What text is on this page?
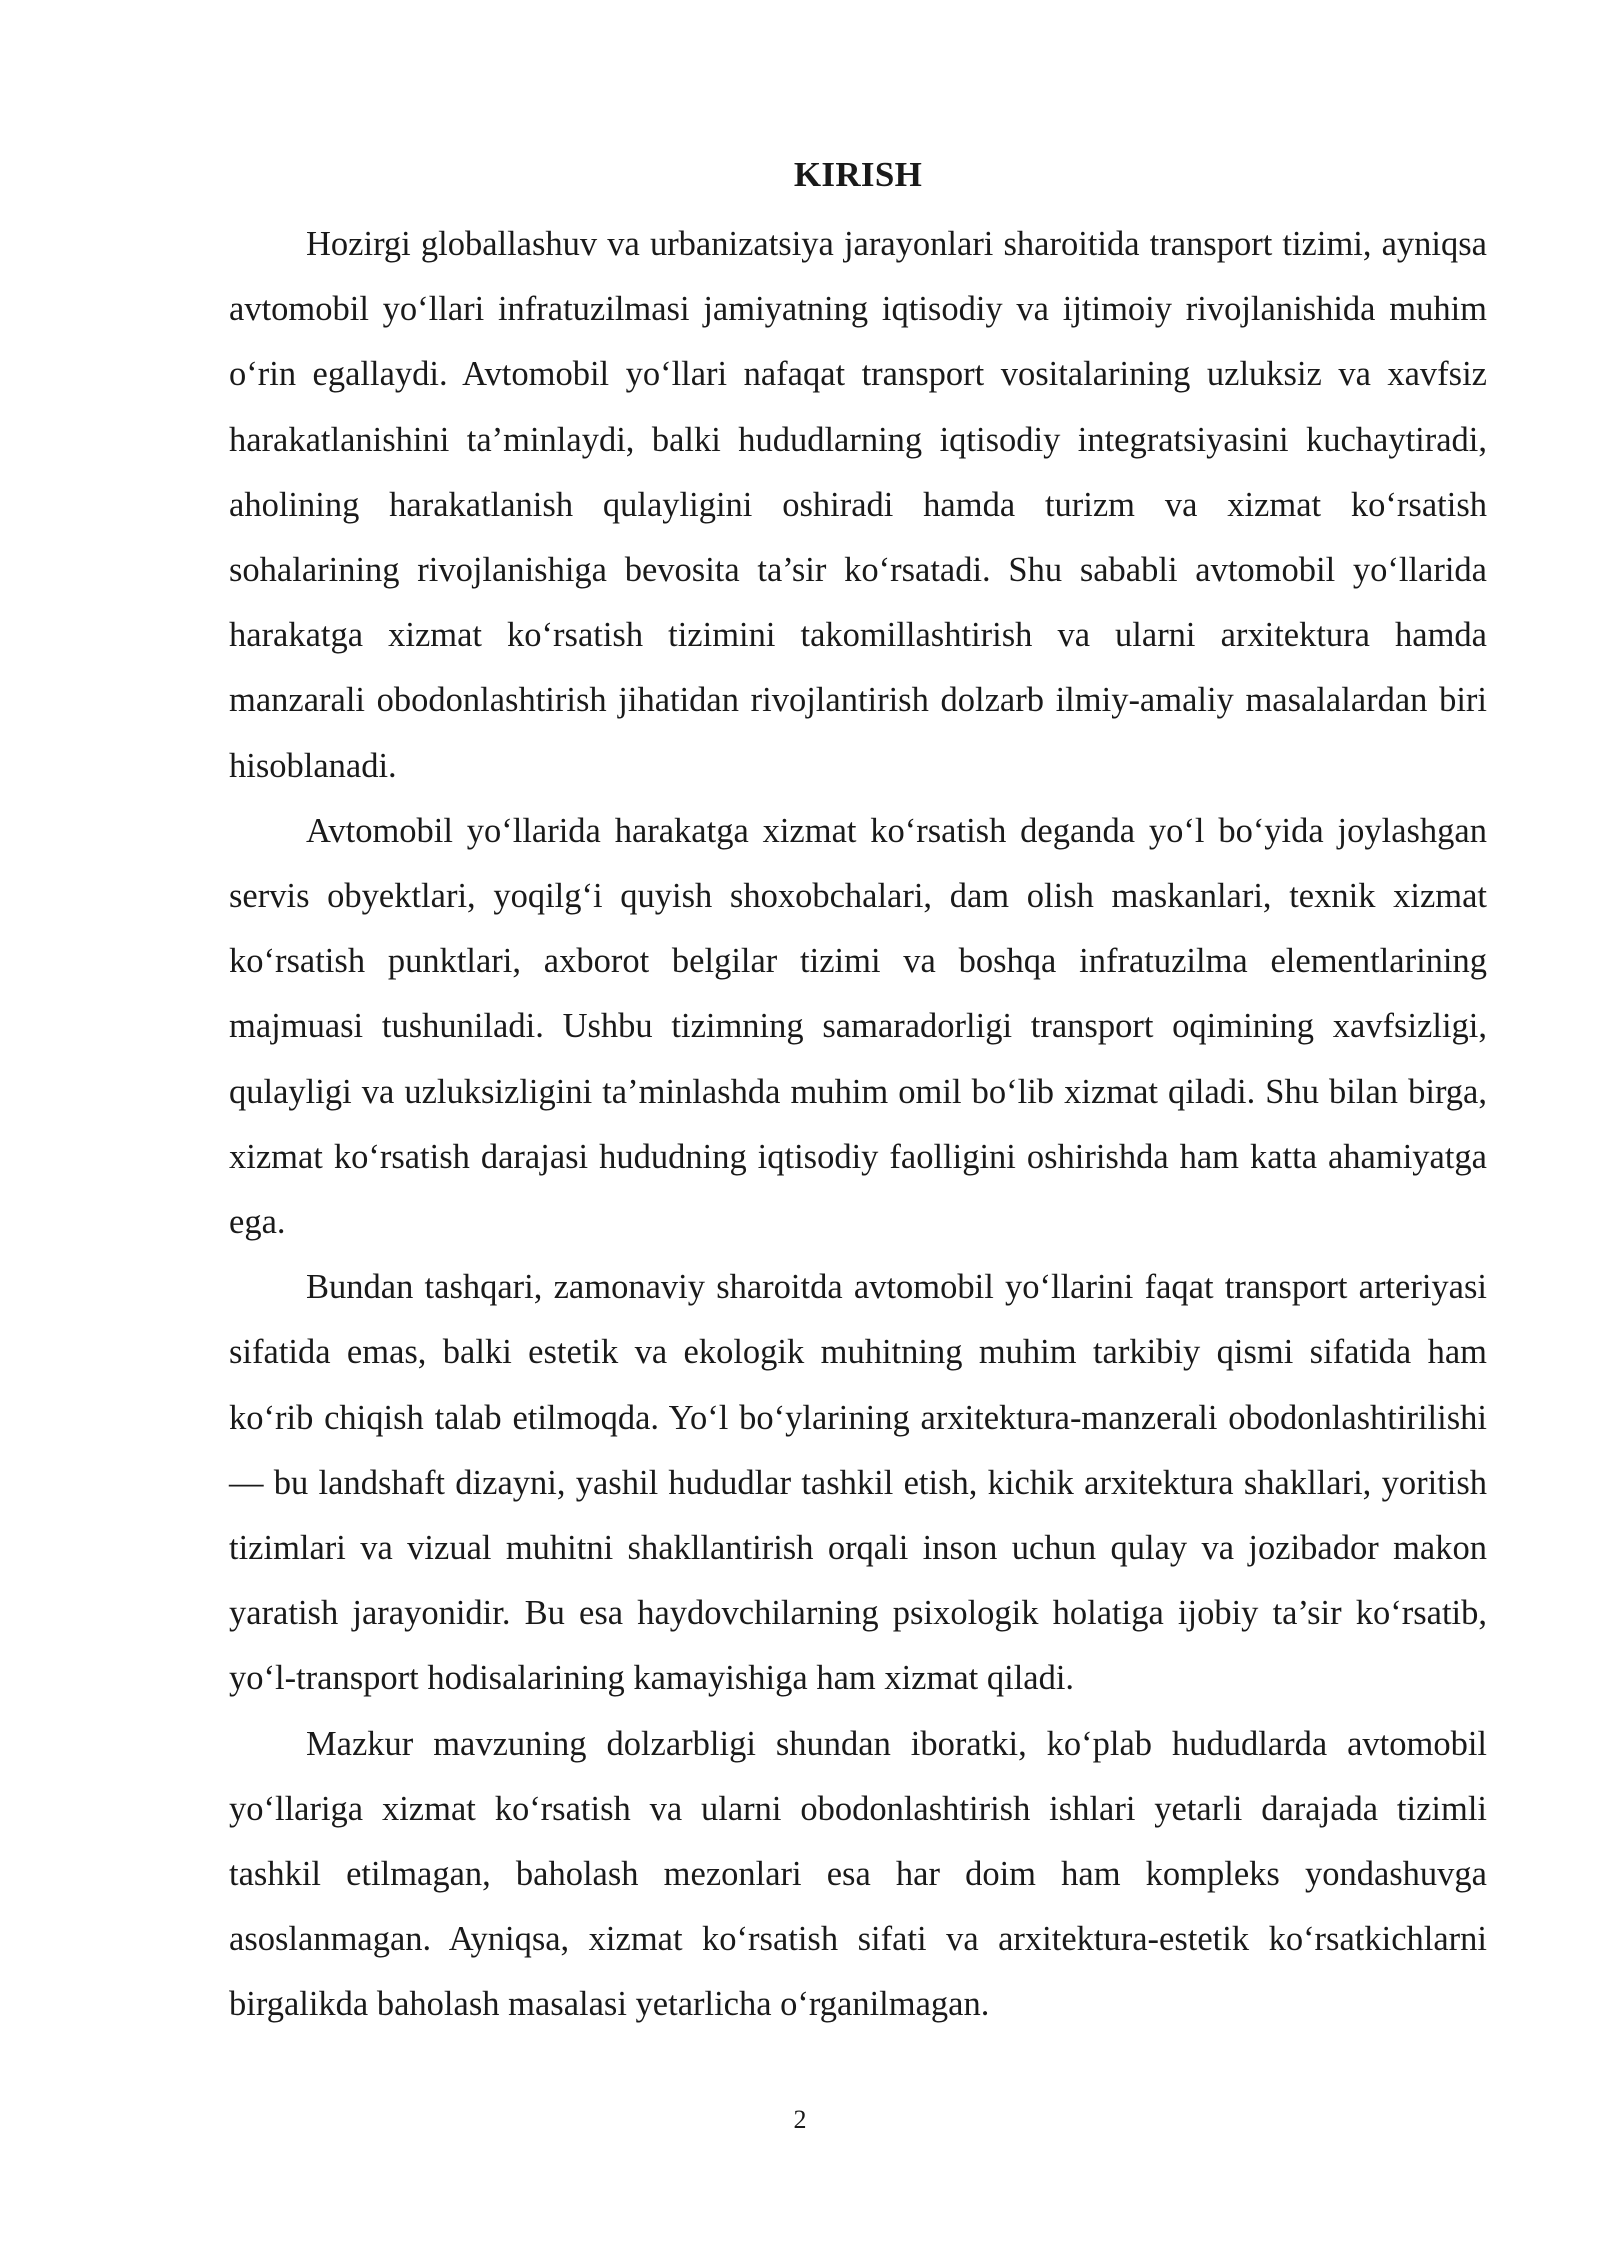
KIRISH

Hozirgi globallashuv va urbanizatsiya jarayonlari sharoitida transport tizimi, ayniqsa avtomobil yo‘llari infratuzilmasi jamiyatning iqtisodiy va ijtimoiy rivojlanishida muhim o‘rin egallaydi. Avtomobil yo‘llari nafaqat transport vositalarining uzluksiz va xavfsiz harakatlanishini ta’minlaydi, balki hududlarning iqtisodiy integratsiyasini kuchaytiradi, aholining harakatlanish qulayligini oshiradi hamda turizm va xizmat ko‘rsatish sohalarining rivojlanishiga bevosita ta’sir ko‘rsatadi. Shu sababli avtomobil yo‘llarida harakatga xizmat ko‘rsatish tizimini takomillashtirish va ularni arxitektura hamda manzarali obodonlashtirish jihatidan rivojlantirish dolzarb ilmiy-amaliy masalalardan biri hisoblanadi.

Avtomobil yo‘llarida harakatga xizmat ko‘rsatish deganda yo‘l bo‘yida joylashgan servis obyektlari, yoqilg‘i quyish shoxobchalari, dam olish maskanlari, texnik xizmat ko‘rsatish punktlari, axborot belgilar tizimi va boshqa infratuzilma elementlarining majmuasi tushuniladi. Ushbu tizimning samaradorligi transport oqimining xavfsizligi, qulayligi va uzluksizligini ta’minlashda muhim omil bo‘lib xizmat qiladi. Shu bilan birga, xizmat ko‘rsatish darajasi hududning iqtisodiy faolligini oshirishda ham katta ahamiyatga ega.

Bundan tashqari, zamonaviy sharoitda avtomobil yo‘llarini faqat transport arteriyasi sifatida emas, balki estetik va ekologik muhitning muhim tarkibiy qismi sifatida ham ko‘rib chiqish talab etilmoqda. Yo‘l bo‘ylarining arxitektura-manzerali obodonlashtirilishi — bu landshaft dizayni, yashil hududlar tashkil etish, kichik arxitektura shakllari, yoritish tizimlari va vizual muhitni shakllantirish orqali inson uchun qulay va jozibador makon yaratish jarayonidir. Bu esa haydovchilarning psixologik holatiga ijobiy ta’sir ko‘rsatib, yo‘l-transport hodisalarining kamayishiga ham xizmat qiladi.

Mazkur mavzuning dolzarbligi shundan iboratki, ko‘plab hududlarda avtomobil yo‘llariga xizmat ko‘rsatish va ularni obodonlashtirish ishlari yetarli darajada tizimli tashkil etilmagan, baholash mezonlari esa har doim ham kompleks yondashuvga asoslanmagan. Ayniqsa, xizmat ko‘rsatish sifati va arxitektura-estetik ko‘rsatkichlarni birgalikda baholash masalasi yetarlicha o‘rganilmagan.

2
